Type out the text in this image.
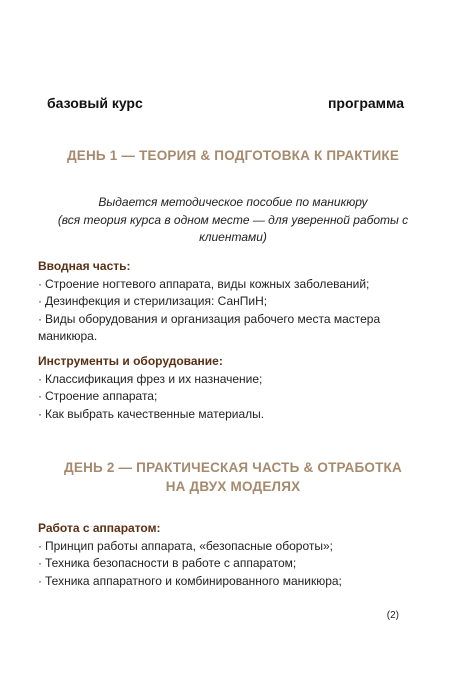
базовый курс	программа
ДЕНЬ 1 — ТЕОРИЯ & ПОДГОТОВКА К ПРАКТИКЕ
Выдается методическое пособие по маникюру
(вся теория курса в одном месте — для уверенной работы с
клиентами)
Вводная часть:
· Строение ногтевого аппарата, виды кожных заболеваний;
· Дезинфекция и стерилизация: СанПиН;
· Виды оборудования и организация рабочего места мастера маникюра.
Инструменты и оборудование:
· Классификация фрез и их назначение;
· Строение аппарата;
· Как выбрать качественные материалы.
ДЕНЬ 2 — ПРАКТИЧЕСКАЯ ЧАСТЬ & ОТРАБОТКА
НА ДВУХ МОДЕЛЯХ
Работа с аппаратом:
· Принцип работы аппарата, «безопасные обороты»;
· Техника безопасности в работе с аппаратом;
· Техника аппаратного и комбинированного маникюра;
(2)
